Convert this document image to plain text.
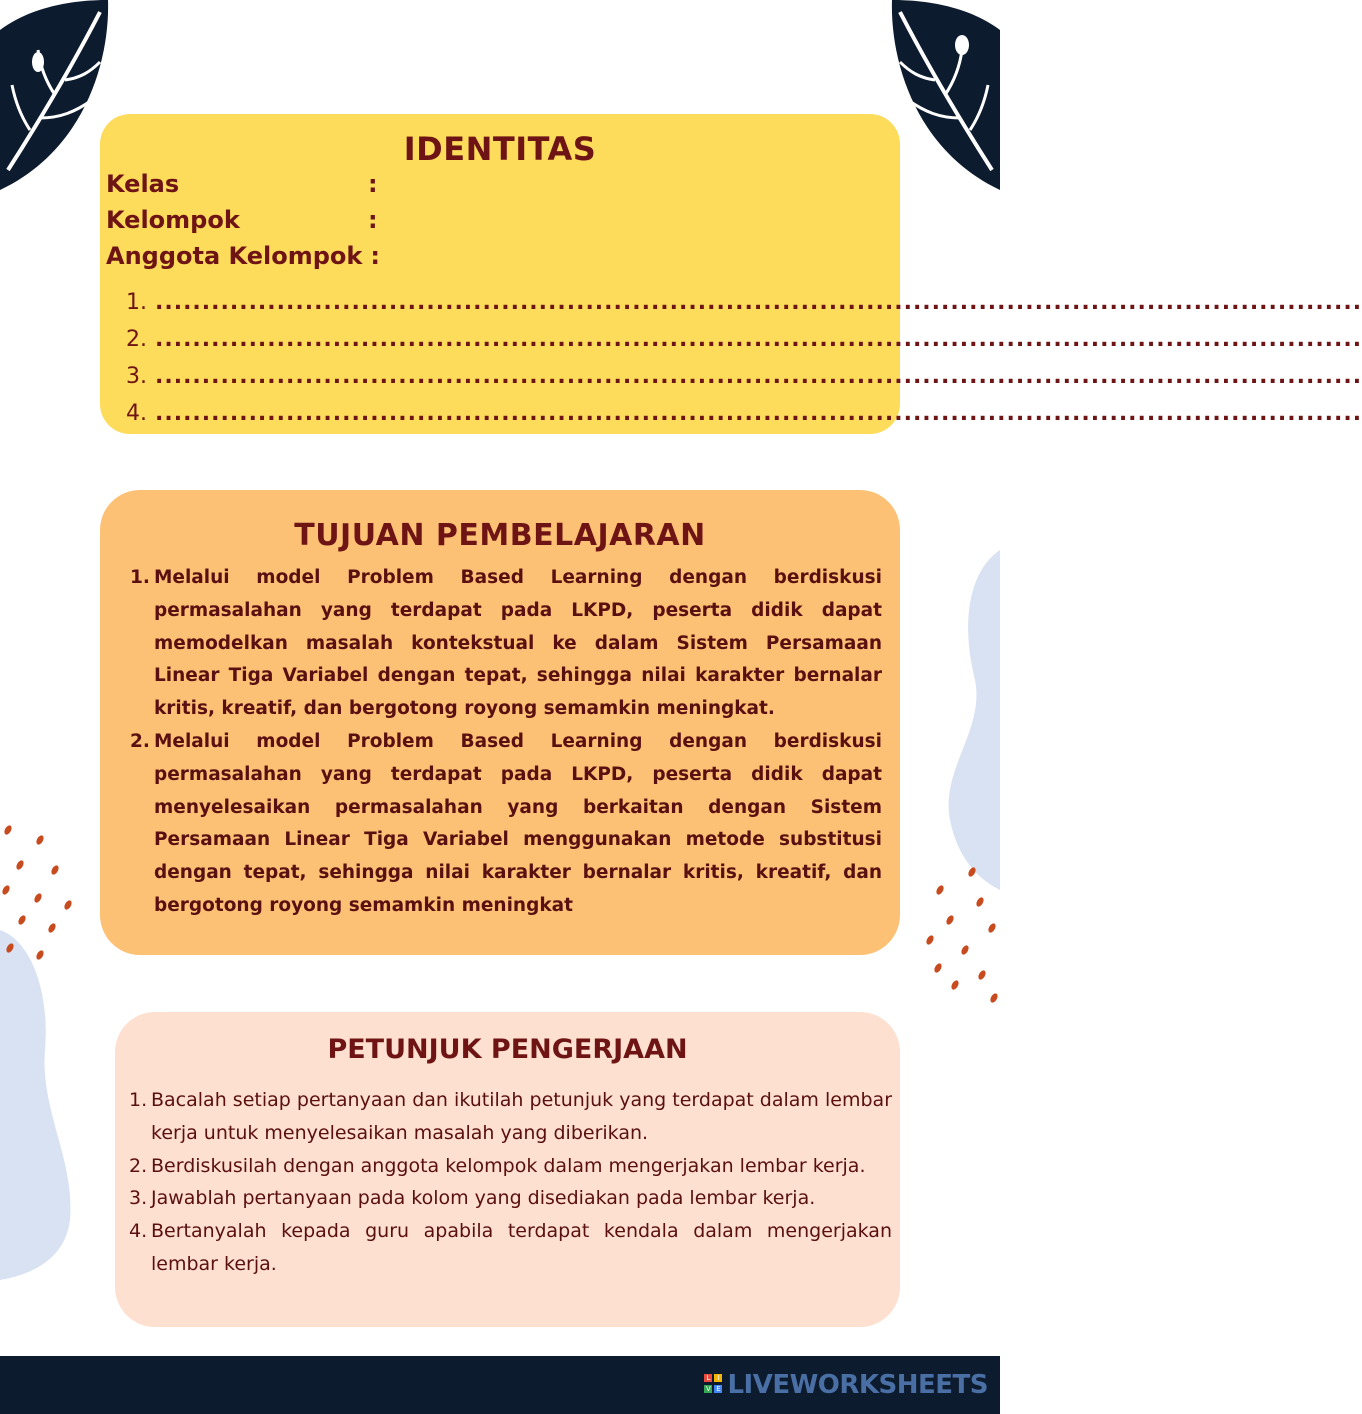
IDENTITAS
Kelas	:
Kelompok	:
Anggota Kelompok :
1. .................................................................................................................................
2. .................................................................................................................................
3. .................................................................................................................................
4. .................................................................................................................................
TUJUAN PEMBELAJARAN
1. Melalui model Problem Based Learning dengan berdiskusi permasalahan yang terdapat pada LKPD, peserta didik dapat memodelkan masalah kontekstual ke dalam Sistem Persamaan Linear Tiga Variabel dengan tepat, sehingga nilai karakter bernalar kritis, kreatif, dan bergotong royong semamkin meningkat.
2. Melalui model Problem Based Learning dengan berdiskusi permasalahan yang terdapat pada LKPD, peserta didik dapat menyelesaikan permasalahan yang berkaitan dengan Sistem Persamaan Linear Tiga Variabel menggunakan metode substitusi dengan tepat, sehingga nilai karakter bernalar kritis, kreatif, dan bergotong royong semamkin meningkat
PETUNJUK PENGERJAAN
1. Bacalah setiap pertanyaan dan ikutilah petunjuk yang terdapat dalam lembar kerja untuk menyelesaikan masalah yang diberikan.
2. Berdiskusilah dengan anggota kelompok dalam mengerjakan lembar kerja.
3. Jawablah pertanyaan pada kolom yang disediakan pada lembar kerja.
4. Bertanyalah kepada guru apabila terdapat kendala dalam mengerjakan lembar kerja.
L	I
V E LIVEWORKSHEETS
